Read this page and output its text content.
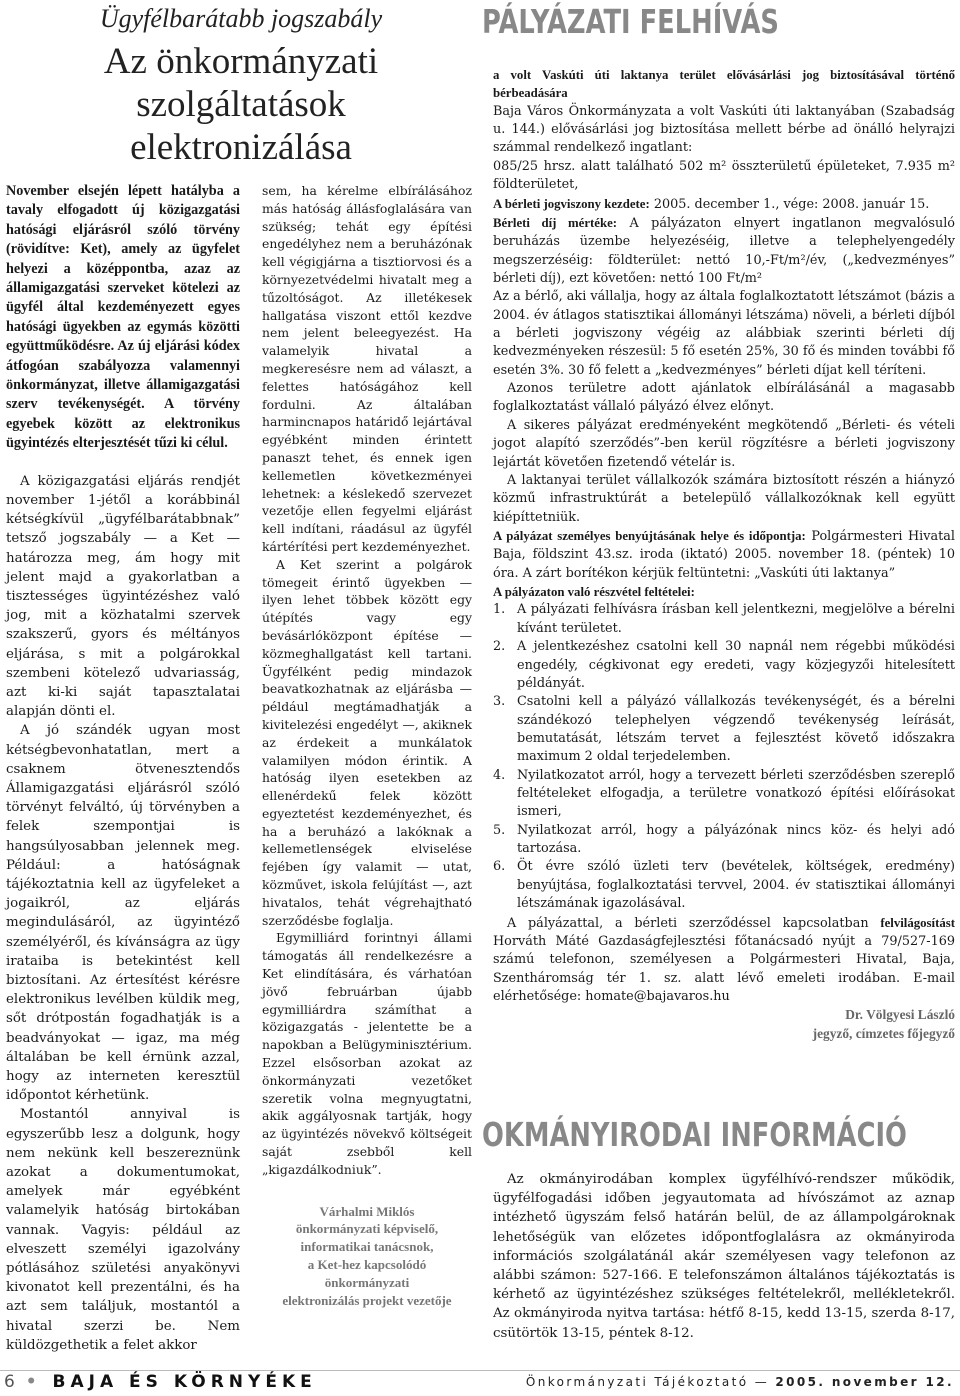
Ügyfélbarátabb jogszabály
Az önkormányzati szolgáltatások elektronizálása

November elsején lépett hatályba a tavaly elfogadott új közigazgatási hatósági eljárásról szóló törvény (rövidítve: Ket), amely az ügyfelet helyezi a középpontba, azaz az államigazgatási szerveket kötelezi az ügyfél által kezdeményezett egyes hatósági ügyekben az egymás közötti együttműködésre. Az új eljárási kódex átfogóan szabályozza valamennyi önkormányzat, illetve államigazgatási szerv tevékenységét. A törvény egyebek között az elektronikus ügyintézés elterjesztését tűzi ki célul.

A közigazgatási eljárás rendjét november 1-jétől a korábbinál kétségkívül „ügyfélbarátabbnak” tetsző jogszabály — a Ket — határozza meg, ám hogy mit jelent majd a gyakorlatban a tisztességes ügyintézéshez való jog, mit a közhatalmi szervek szakszerű, gyors és méltányos eljárása, s mit a polgárokkal szembeni kötelező udvariasság, azt ki-ki saját tapasztalatai alapján dönti el.

A jó szándék ugyan most kétségbevonhatatlan, mert a csaknem ötvenesztendős Államigazgatási eljárásról szóló törvényt felváltó, új törvényben a felek szempontjai is hangsúlyosabban jelennek meg. Például: a hatóságnak tájékoztatnia kell az ügyfeleket a jogaikról, az eljárás megindulásáról, az ügyintéző személyéről, és kívánságra az ügy irataiba is betekintést kell biztosítani. Az értesítést kérésre elektronikus levélben küldik meg, sőt drótpostán fogadhatják is a beadványokat — igaz, ma még általában be kell érnünk azzal, hogy az interneten keresztül időpontot kérhetünk.

Mostantól annyival is egyszerűbb lesz a dolgunk, hogy nem nekünk kell beszereznünk azokat a dokumentumokat, amelyek már egyébként valamelyik hatóság birtokában vannak. Vagyis: például az elveszett személyi igazolvány pótlásához születési anyakönyvi kivonatot kell prezentálni, és ha azt sem találjuk, mostantól a hivatal szerzi be. Nem küldözgethetik a felet akkor

sem, ha kérelme elbírálásához más hatóság állásfoglalására van szükség; tehát egy építési engedélyhez nem a beruházónak kell végigjárna a tisztiorvosi és a környezetvédelmi hivatalt meg a tűzoltóságot. Az illetékesek hallgatása viszont ettől kezdve nem jelent beleegyezést. Ha valamelyik hivatal a megkeresésre nem ad választ, a felettes hatóságához kell fordulni. Az általában harmincnapos határidő lejártával egyébként minden érintett panaszt tehet, és ennek igen kellemetlen következményei lehetnek: a késlekedő szervezet vezetője ellen fegyelmi eljárást kell indítani, ráadásul az ügyfél kártérítési pert kezdeményezhet.

A Ket szerint a polgárok tömegeit érintő ügyekben — ilyen lehet többek között egy útépítés vagy egy bevásárlóközpont építése — közmeghallgatást kell tartani. Ügyfélként pedig mindazok beavatkozhatnak az eljárásba — például megtámadhatják a kivitelezési engedélyt —, akiknek az érdekeit a munkálatok valamilyen módon érintik. A hatóság ilyen esetekben az ellenérdekű felek között egyeztetést kezdeményezhet, és ha a beruházó a lakóknak a kellemetlenségek elviselése fejében így valamit — utat, közművet, iskola felújítást —, azt hivatalos, tehát végrehajtható szerződésbe foglalja.

Egymilliárd forintnyi állami támogatás áll rendelkezésre a Ket elindítására, és várhatóan jövő februárban újabb egymilliárdra számíthat a közigazgatás - jelentette be a napokban a Belügyminisztérium. Ezzel elsősorban azokat az önkormányzati vezetőket szeretik volna megnyugtatni, akik aggályosnak tartják, hogy az ügyintézés növekvő költségeit saját zsebből kell „kigazdálkodniuk”.

Várhalmi Miklós
önkormányzati képviselő,
informatikai tanácsnok,
a Ket-hez kapcsolódó
önkormányzati
elektronizálás projekt vezetője
PÁLYÁZATI FELHÍVÁS

a volt Vaskúti úti laktanya terület elővásárlási jog biztosításával történő bérbeadására

Baja Város Önkormányzata a volt Vaskúti úti laktanyában (Szabadság u. 144.) elővásárlási jog biztosítása mellett bérbe ad önálló helyrajzi számmal rendelkező ingatlant:

085/25 hrsz. alatt található 502 m² összterületű épületeket, 7.935 m² földterületet,

A bérleti jogviszony kezdete: 2005. december 1., vége: 2008. január 15.

Bérleti díj mértéke: A pályázaton elnyert ingatlanon megvalósuló beruházás üzembe helyezéséig, illetve a telephelyengedély megszerzéséig: földterület: nettó 10,-Ft/m²/év, („kedvezményes” bérleti díj), ezt követően: nettó 100 Ft/m²

Az a bérlő, aki vállalja, hogy az általa foglalkoztatott létszámot (bázis a 2004. év átlagos statisztikai állományi létszáma) növeli, a bérleti díjból a bérleti jogviszony végéig az alábbiak szerinti bérleti díj kedvezményeken részesül: 5 fő esetén 25%, 30 fő és minden további fő esetén 3%. 30 fő felett a „kedvezményes” bérleti díjat kell téríteni.

Azonos területre adott ajánlatok elbírálásánál a magasabb foglalkoztatást vállaló pályázó élvez előnyt.

A sikeres pályázat eredményeként megkötendő „Bérleti- és vételi jogot alapító szerződés”-ben kerül rögzítésre a bérleti jogviszony lejártát követően fizetendő vételár is.

A laktanyai terület vállalkozók számára biztosított részén a hiányzó közmű infrastruktúrát a betelepülő vállalkozóknak kell együtt kiépíttetniük.

A pályázat személyes benyújtásának helye és időpontja: Polgármesteri Hivatal Baja, földszint 43.sz. iroda (iktató) 2005. november 18. (péntek) 10 óra. A zárt borítékon kérjük feltüntetni: „Vaskúti úti laktanya”

A pályázaton való részvétel feltételei:

1. A pályázati felhívásra írásban kell jelentkezni, megjelölve a bérelni kívánt területet.
2. A jelentkezéshez csatolni kell 30 napnál nem régebbi működési engedély, cégkivonat egy eredeti, vagy közjegyzői hitelesített példányát.
3. Csatolni kell a pályázó vállalkozás tevékenységét, és a bérelni szándékozó telephelyen végzendő tevékenység leírását, bemutatását, létszám tervet a fejlesztést követő időszakra maximum 2 oldal terjedelemben.
4. Nyilatkozatot arról, hogy a tervezett bérleti szerződésben szereplő feltételeket elfogadja, a területre vonatkozó építési előírásokat ismeri,
5. Nyilatkozat arról, hogy a pályázónak nincs köz- és helyi adó tartozása.
6. Öt évre szóló üzleti terv (bevételek, költségek, eredmény) benyújtása, foglalkoztatási tervvel, 2004. év statisztikai állományi létszámának igazolásával.

A pályázattal, a bérleti szerződéssel kapcsolatban felvilágosítást Horváth Máté Gazdaságfejlesztési főtanácsadó nyújt a 79/527-169 számú telefonon, személyesen a Polgármesteri Hivatal, Baja, Szentháromság tér 1. sz. alatt lévő emeleti irodában. E-mail elérhetősége: homate@bajavaros.hu

Dr. Völgyesi László
jegyző, címzetes főjegyző
OKMÁNYIRODAI INFORMÁCIÓ

Az okmányirodában komplex ügyfélhívó-rendszer működik, ügyfélfogadási időben jegyautomata ad hívószámot az aznap intézhető ügyszám felső határán belül, de az állampolgároknak lehetőségük van előzetes időpontfoglalásra az okmányiroda információs szolgálatánál akár személyesen vagy telefonon az alábbi számon: 527-166. E telefonszámon általános tájékoztatás is kérhető az ügyintézéshez szükséges feltételekről, mellékletekről. Az okmányiroda nyitva tartása: hétfő 8-15, kedd 13-15, szerda 8-17, csütörtök 13-15, péntek 8-12.

6 • BAJA ÉS KÖRNYÉKE	Önkormányzati Tájékoztató — 2005. november 12.
